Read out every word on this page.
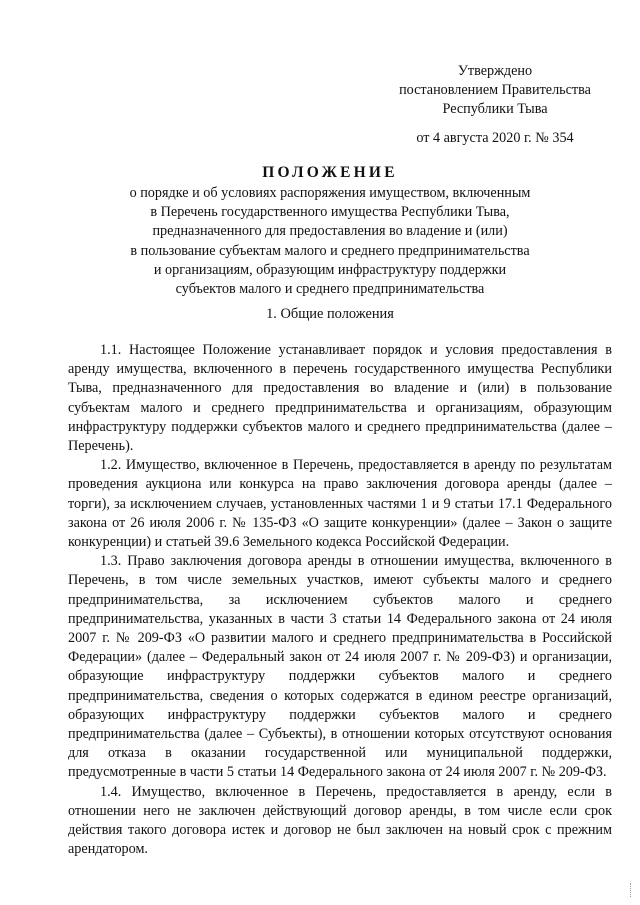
Утверждено
постановлением Правительства
Республики Тыва
от 4 августа 2020 г. № 354
ПОЛОЖЕНИЕ
о порядке и об условиях распоряжения имуществом, включенным
в Перечень государственного имущества Республики Тыва,
предназначенного для предоставления во владение и (или)
в пользование субъектам малого и среднего предпринимательства
и организациям, образующим инфраструктуру поддержки
субъектов малого и среднего предпринимательства
1. Общие положения

1.1. Настоящее Положение устанавливает порядок и условия предоставления в аренду имущества, включенного в перечень государственного имущества Республики Тыва, предназначенного для предоставления во владение и (или) в пользование субъектам малого и среднего предпринимательства и организациям, образующим инфраструктуру поддержки субъектов малого и среднего предпринимательства (далее – Перечень).

1.2. Имущество, включенное в Перечень, предоставляется в аренду по результатам проведения аукциона или конкурса на право заключения договора аренды (далее – торги), за исключением случаев, установленных частями 1 и 9 статьи 17.1 Федерального закона от 26 июля 2006 г. № 135-ФЗ «О защите конкуренции» (далее – Закон о защите конкуренции) и статьей 39.6 Земельного кодекса Российской Федерации.

1.3. Право заключения договора аренды в отношении имущества, включенного в Перечень, в том числе земельных участков, имеют субъекты малого и среднего предпринимательства, за исключением субъектов малого и среднего предпринимательства, указанных в части 3 статьи 14 Федерального закона от 24 июля 2007 г. № 209-ФЗ «О развитии малого и среднего предпринимательства в Российской Федерации» (далее – Федеральный закон от 24 июля 2007 г. № 209-ФЗ) и организации, образующие инфраструктуру поддержки субъектов малого и среднего предпринимательства, сведения о которых содержатся в едином реестре организаций, образующих инфраструктуру поддержки субъектов малого и среднего предпринимательства (далее – Субъекты), в отношении которых отсутствуют основания для отказа в оказании государственной или муниципальной поддержки, предусмотренные в части 5 статьи 14 Федерального закона от 24 июля 2007 г. № 209-ФЗ.

1.4. Имущество, включенное в Перечень, предоставляется в аренду, если в отношении него не заключен действующий договор аренды, в том числе если срок действия такого договора истек и договор не был заключен на новый срок с прежним арендатором.
